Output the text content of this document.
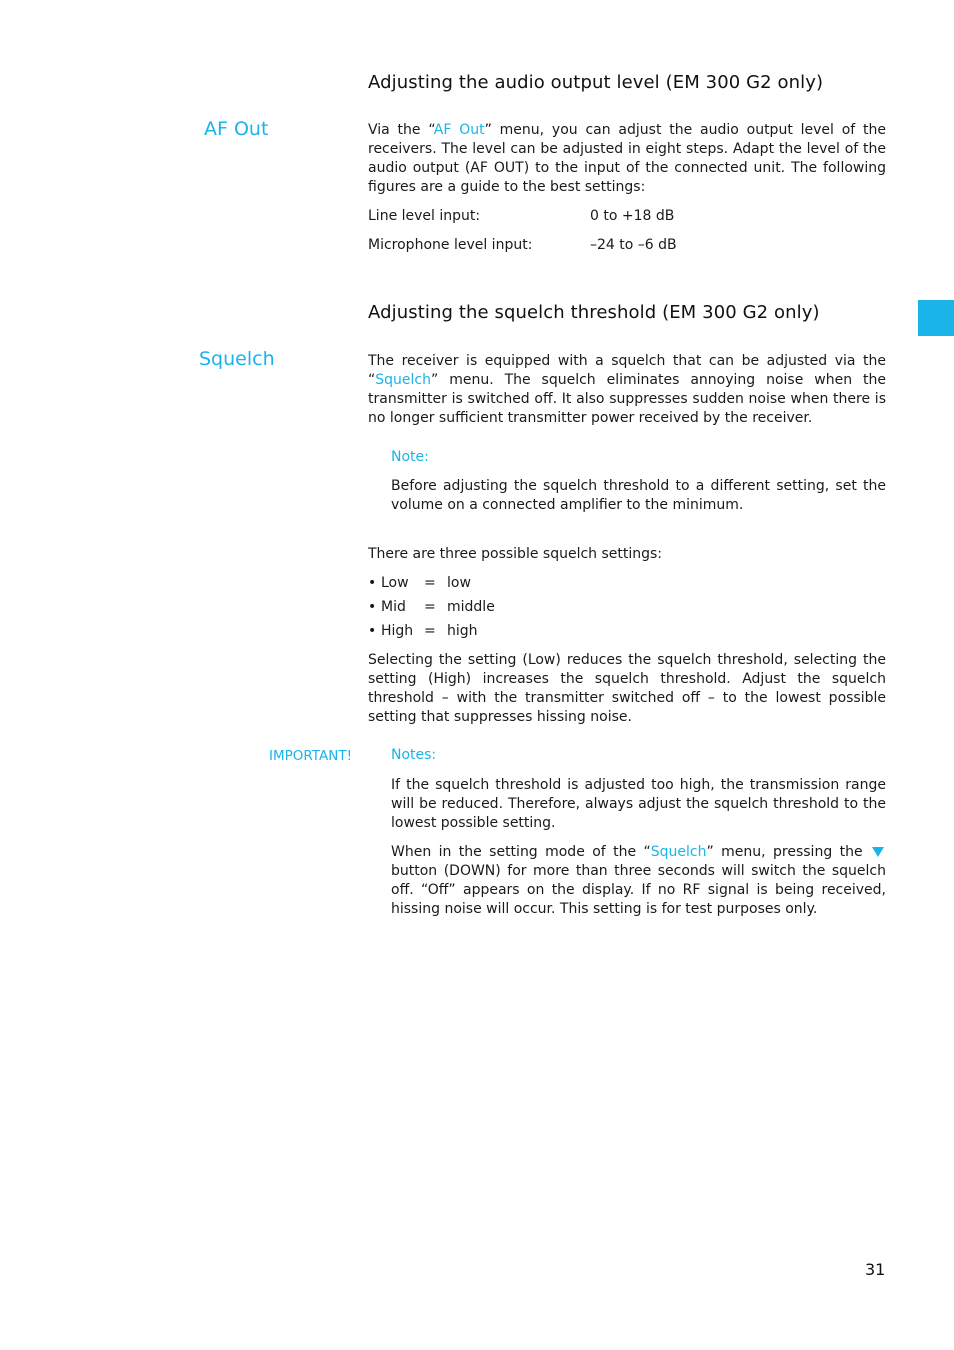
Adjusting the audio output level (EM 300 G2 only)
AF Out	Via the “AF Out” menu, you can adjust the audio output level of the receivers. The level can be adjusted in eight steps. Adapt the level of the audio output (AF OUT) to the input of the connected unit. The following figures are a guide to the best settings:
Line level input:	0 to +18 dB
Microphone level input:	–24 to –6 dB
Adjusting the squelch threshold (EM 300 G2 only)
Squelch	The receiver is equipped with a squelch that can be adjusted via the “Squelch” menu. The squelch eliminates annoying noise when the transmitter is switched off. It also suppresses sudden noise when there is no longer sufficient transmitter power received by the receiver.
Note:
Before adjusting the squelch threshold to a different setting, set the volume on a connected amplifier to the minimum.
There are three possible squelch settings:
• Low = low
• Mid = middle
• High = high
Selecting the setting (Low) reduces the squelch threshold, selecting the setting (High) increases the squelch threshold. Adjust the squelch threshold – with the transmitter switched off – to the lowest possible setting that suppresses hissing noise.
IMPORTANT!	Notes:
If the squelch threshold is adjusted too high, the transmission range will be reduced. Therefore, always adjust the squelch threshold to the lowest possible setting.
When in the setting mode of the “Squelch” menu, pressing the  button (DOWN) for more than three seconds will switch the squelch off. “Off” appears on the display. If no RF signal is being received, hissing noise will occur. This setting is for test purposes only.
31
